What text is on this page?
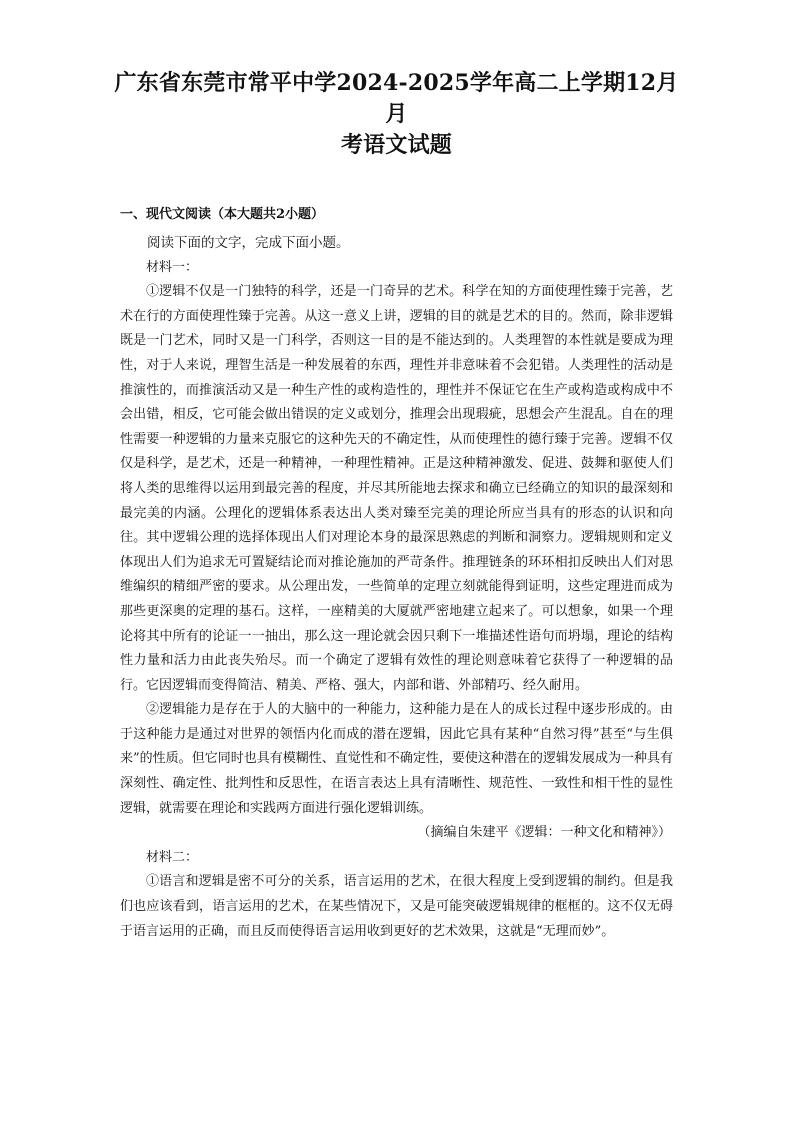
广东省东莞市常平中学2024-2025学年高二上学期12月月
考语文试题
一、现代文阅读（本大题共2小题）

阅读下面的文字，完成下面小题。

材料一：

①逻辑不仅是一门独特的科学，还是一门奇异的艺术。科学在知的方面使理性臻于完善，艺术在行的方面使理性臻于完善。从这一意义上讲，逻辑的目的就是艺术的目的。然而，除非逻辑既是一门艺术，同时又是一门科学，否则这一目的是不能达到的。人类理智的本性就是要成为理性，对于人来说，理智生活是一种发展着的东西，理性并非意味着不会犯错。人类理性的活动是推演性的，而推演活动又是一种生产性的或构造性的，理性并不保证它在生产或构造或构成中不会出错，相反，它可能会做出错误的定义或划分，推理会出现瑕疵，思想会产生混乱。自在的理性需要一种逻辑的力量来克服它的这种先天的不确定性，从而使理性的德行臻于完善。逻辑不仅仅是科学，是艺术，还是一种精神，一种理性精神。正是这种精神激发、促进、鼓舞和驱使人们将人类的思维得以运用到最完善的程度，并尽其所能地去探求和确立已经确立的知识的最深刻和最完美的内涵。公理化的逻辑体系表达出人类对臻至完美的理论所应当具有的形态的认识和向往。其中逻辑公理的选择体现出人们对理论本身的最深思熟虑的判断和洞察力。逻辑规则和定义体现出人们为追求无可置疑结论而对推论施加的严苛条件。推理链条的环环相扣反映出人们对思维编织的精细严密的要求。从公理出发，一些简单的定理立刻就能得到证明，这些定理进而成为那些更深奥的定理的基石。这样，一座精美的大厦就严密地建立起来了。可以想象，如果一个理论将其中所有的论证一一抽出，那么这一理论就会因只剩下一堆描述性语句而坍塌，理论的结构性力量和活力由此丧失殆尽。而一个确定了逻辑有效性的理论则意味着它获得了一种逻辑的品行。它因逻辑而变得简洁、精美、严格、强大，内部和谐、外部精巧、经久耐用。

②逻辑能力是存在于人的大脑中的一种能力，这种能力是在人的成长过程中逐步形成的。由于这种能力是通过对世界的领悟内化而成的潜在逻辑，因此它具有某种“自然习得”甚至“与生俱来”的性质。但它同时也具有模糊性、直觉性和不确定性，要使这种潜在的逻辑发展成为一种具有深刻性、确定性、批判性和反思性，在语言表达上具有清晰性、规范性、一致性和相干性的显性逻辑，就需要在理论和实践两方面进行强化逻辑训练。

（摘编自朱建平《逻辑：一种文化和精神》）

材料二：

①语言和逻辑是密不可分的关系，语言运用的艺术，在很大程度上受到逻辑的制约。但是我们也应该看到，语言运用的艺术，在某些情况下，又是可能突破逻辑规律的框框的。这不仅无碍于语言运用的正确，而且反而使得语言运用收到更好的艺术效果，这就是“无理而妙”。
